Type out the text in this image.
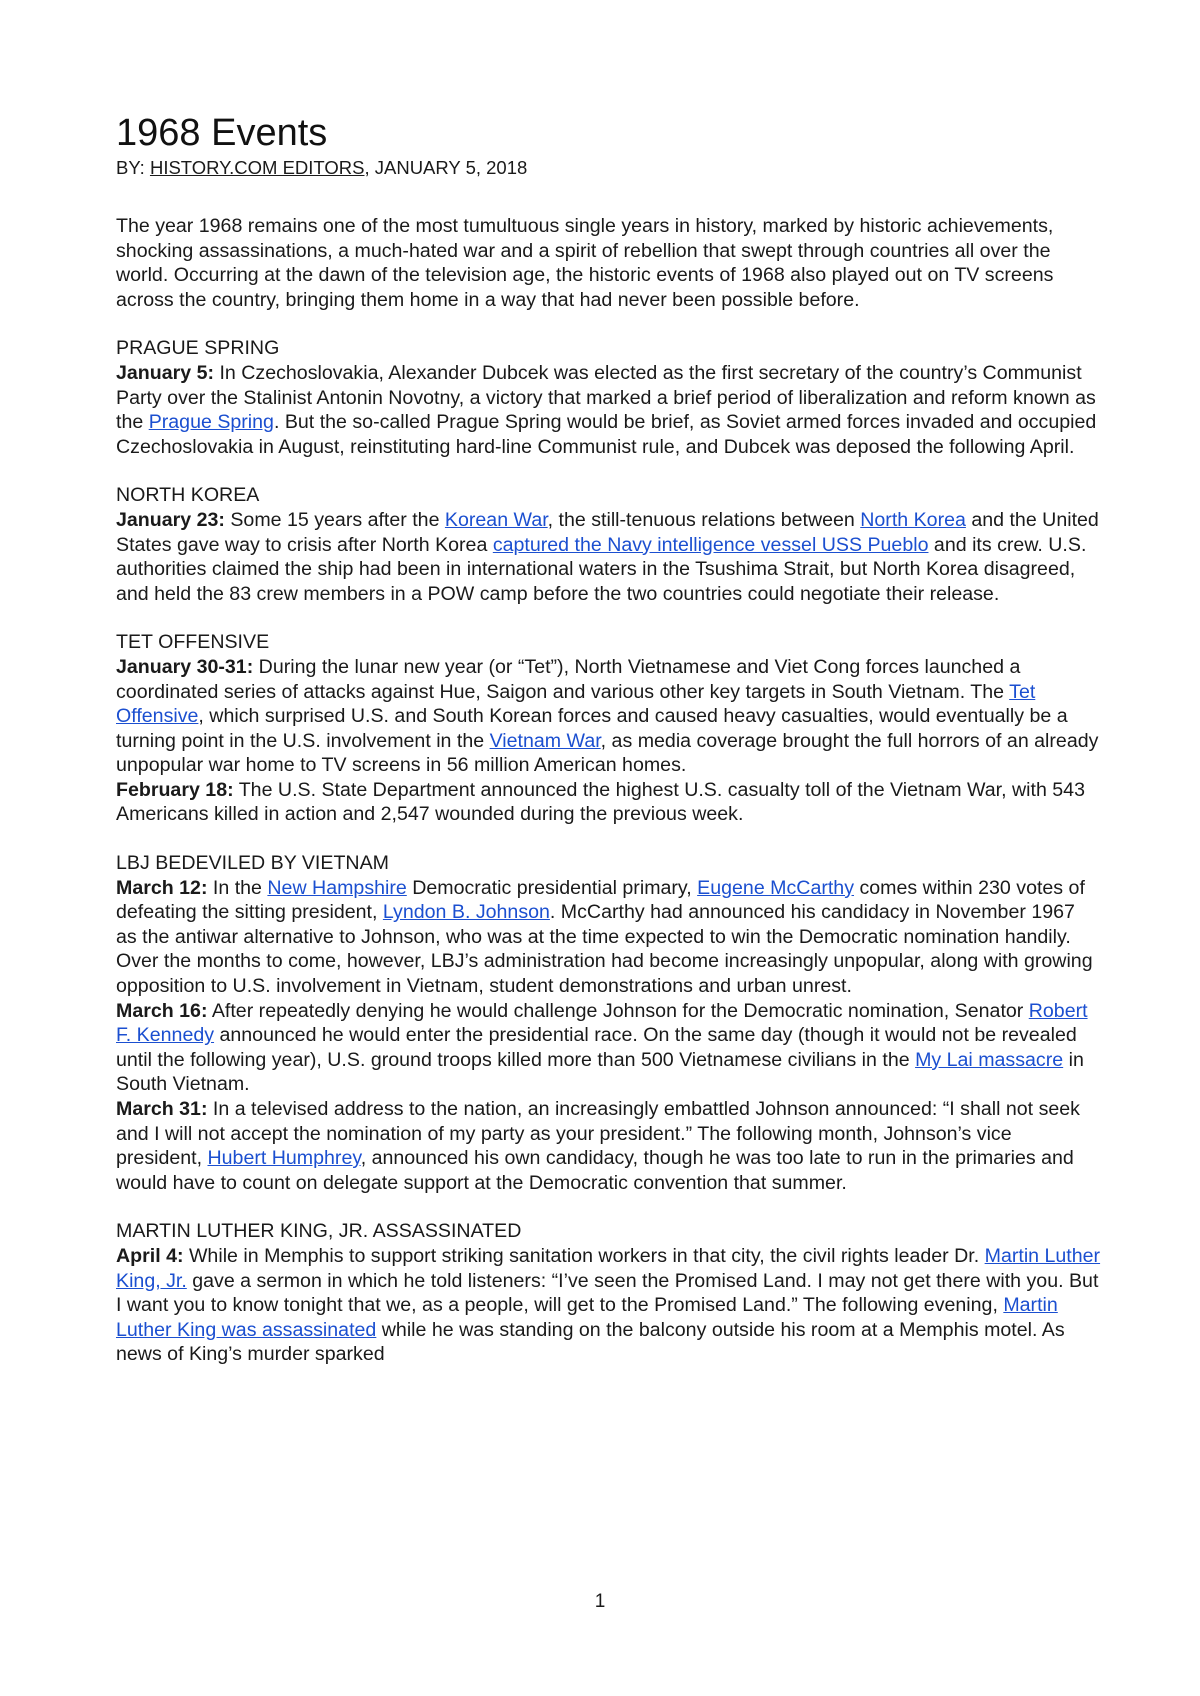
1968 Events
BY: HISTORY.COM EDITORS, JANUARY 5, 2018

The year 1968 remains one of the most tumultuous single years in history, marked by historic achievements, shocking assassinations, a much-hated war and a spirit of rebellion that swept through countries all over the world. Occurring at the dawn of the television age, the historic events of 1968 also played out on TV screens across the country, bringing them home in a way that had never been possible before.

PRAGUE SPRING

January 5: In Czechoslovakia, Alexander Dubcek was elected as the first secretary of the country’s Communist Party over the Stalinist Antonin Novotny, a victory that marked a brief period of liberalization and reform known as the Prague Spring. But the so-called Prague Spring would be brief, as Soviet armed forces invaded and occupied Czechoslovakia in August, reinstituting hard-line Communist rule, and Dubcek was deposed the following April.

NORTH KOREA

January 23: Some 15 years after the Korean War, the still-tenuous relations between North Korea and the United States gave way to crisis after North Korea captured the Navy intelligence vessel USS Pueblo and its crew. U.S. authorities claimed the ship had been in international waters in the Tsushima Strait, but North Korea disagreed, and held the 83 crew members in a POW camp before the two countries could negotiate their release.

TET OFFENSIVE

January 30-31: During the lunar new year (or “Tet”), North Vietnamese and Viet Cong forces launched a coordinated series of attacks against Hue, Saigon and various other key targets in South Vietnam. The Tet Offensive, which surprised U.S. and South Korean forces and caused heavy casualties, would eventually be a turning point in the U.S. involvement in the Vietnam War, as media coverage brought the full horrors of an already unpopular war home to TV screens in 56 million American homes.

February 18: The U.S. State Department announced the highest U.S. casualty toll of the Vietnam War, with 543 Americans killed in action and 2,547 wounded during the previous week.

LBJ BEDEVILED BY VIETNAM

March 12: In the New Hampshire Democratic presidential primary, Eugene McCarthy comes within 230 votes of defeating the sitting president, Lyndon B. Johnson. McCarthy had announced his candidacy in November 1967 as the antiwar alternative to Johnson, who was at the time expected to win the Democratic nomination handily. Over the months to come, however, LBJ’s administration had become increasingly unpopular, along with growing opposition to U.S. involvement in Vietnam, student demonstrations and urban unrest.

March 16: After repeatedly denying he would challenge Johnson for the Democratic nomination, Senator Robert F. Kennedy announced he would enter the presidential race. On the same day (though it would not be revealed until the following year), U.S. ground troops killed more than 500 Vietnamese civilians in the My Lai massacre in South Vietnam.

March 31: In a televised address to the nation, an increasingly embattled Johnson announced: “I shall not seek and I will not accept the nomination of my party as your president.” The following month, Johnson’s vice president, Hubert Humphrey, announced his own candidacy, though he was too late to run in the primaries and would have to count on delegate support at the Democratic convention that summer.

MARTIN LUTHER KING, JR. ASSASSINATED

April 4: While in Memphis to support striking sanitation workers in that city, the civil rights leader Dr. Martin Luther King, Jr. gave a sermon in which he told listeners: “I’ve seen the Promised Land. I may not get there with you. But I want you to know tonight that we, as a people, will get to the Promised Land.” The following evening, Martin Luther King was assassinated while he was standing on the balcony outside his room at a Memphis motel. As news of King’s murder sparked

1
